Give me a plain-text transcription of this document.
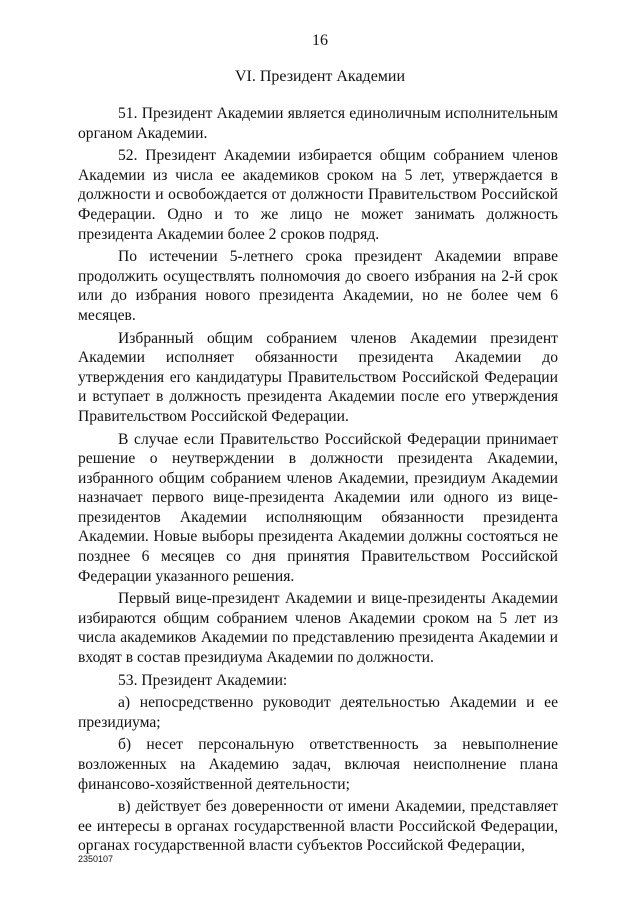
16
VI. Президент Академии

51. Президент Академии является единоличным исполнительным органом Академии.

52. Президент Академии избирается общим собранием членов Академии из числа ее академиков сроком на 5 лет, утверждается в должности и освобождается от должности Правительством Российской Федерации. Одно и то же лицо не может занимать должность президента Академии более 2 сроков подряд.

По истечении 5-летнего срока президент Академии вправе продолжить осуществлять полномочия до своего избрания на 2-й срок или до избрания нового президента Академии, но не более чем 6 месяцев.

Избранный общим собранием членов Академии президент Академии исполняет обязанности президента Академии до утверждения его кандидатуры Правительством Российской Федерации и вступает в должность президента Академии после его утверждения Правительством Российской Федерации.

В случае если Правительство Российской Федерации принимает решение о неутверждении в должности президента Академии, избранного общим собранием членов Академии, президиум Академии назначает первого вице-президента Академии или одного из вице-президентов Академии исполняющим обязанности президента Академии. Новые выборы президента Академии должны состояться не позднее 6 месяцев со дня принятия Правительством Российской Федерации указанного решения.

Первый вице-президент Академии и вице-президенты Академии избираются общим собранием членов Академии сроком на 5 лет из числа академиков Академии по представлению президента Академии и входят в состав президиума Академии по должности.

53. Президент Академии:

а) непосредственно руководит деятельностью Академии и ее президиума;

б) несет персональную ответственность за невыполнение возложенных на Академию задач, включая неисполнение плана финансово-хозяйственной деятельности;

в) действует без доверенности от имени Академии, представляет ее интересы в органах государственной власти Российской Федерации, органах государственной власти субъектов Российской Федерации,

2350107
